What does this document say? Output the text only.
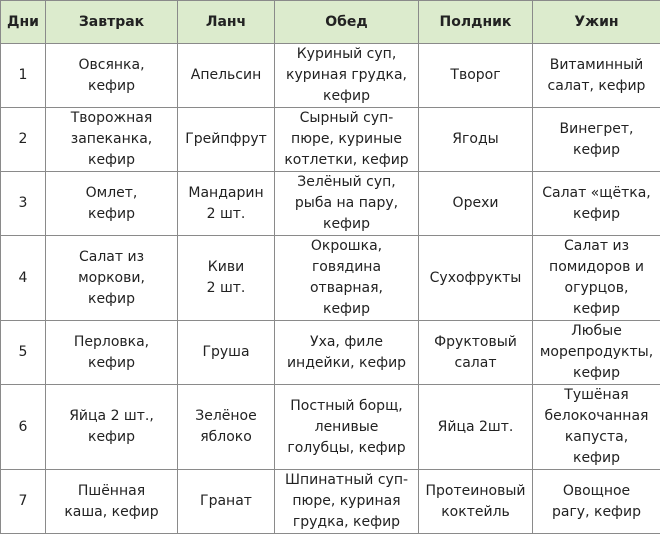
Дни	Завтрак	Ланч	Обед	Полдник	Ужин
1	Овсянка,
кефир	Апельсин	Куриный суп,
куриная грудка,
кефир	Творог	Витаминный
салат, кефир
2	Творожная
запеканка,
кефир	Грейпфрут	Сырный суп-
пюре, куриные
котлетки, кефир	Ягоды	Винегрет,
кефир
3	Омлет,
кефир	Мандарин
2 шт.	Зелёный суп,
рыба на пару,
кефир	Орехи	Салат «щётка,
кефир
4	Салат из
моркови,
кефир	Киви
2 шт.	Окрошка,
говядина
отварная,
кефир	Сухофрукты	Салат из
помидоров и
огурцов,
кефир
5	Перловка,
кефир	Груша	Уха, филе
индейки, кефир	Фруктовый
салат	Любые
морепродукты,
кефир
6	Яйца 2 шт.,
кефир	Зелёное
яблоко	Постный борщ,
ленивые
голубцы, кефир	Яйца 2шт.	Тушёная
белокочанная
капуста,
кефир
7	Пшённая
каша, кефир	Гранат	Шпинатный суп-
пюре, куриная
грудка, кефир	Протеиновый
коктейль	Овощное
рагу, кефир
